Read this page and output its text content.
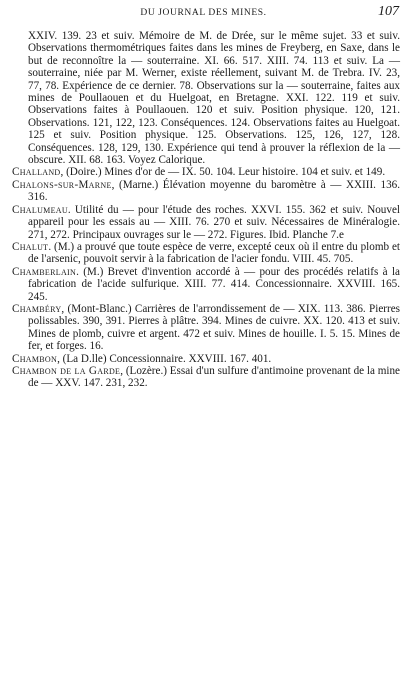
DU JOURNAL DES MINES.	107

XXIV. 139. 23 et suiv. Mémoire de M. de Drée, sur le même sujet. 33 et suiv. Observations thermométriques faites dans les mines de Freyberg, en Saxe, dans le but de reconnoître la — souterraine. XI. 66. 517. XIII. 74. 113 et suiv. La — souterraine, niée par M. Werner, existe réellement, suivant M. de Trebra. IV. 23, 77, 78. Expérience de ce dernier. 78. Observations sur la — souterraine, faites aux mines de Poullaouen et du Huelgoat, en Bretagne. XXI. 122. 119 et suiv. Observations faites à Poullaouen. 120 et suiv. Position physique. 120, 121. Observations. 121, 122, 123. Conséquences. 124. Observations faites au Huelgoat. 125 et suiv. Position physique. 125. Observations. 125, 126, 127, 128. Conséquences. 128, 129, 130. Expérience qui tend à prouver la réflexion de la — obscure. XII. 68. 163. Voyez Calorique.

Challand, (Doire.) Mines d'or de — IX. 50. 104. Leur histoire. 104 et suiv. et 149.

Chalons-sur-Marne, (Marne.) Élévation moyenne du baromètre à — XXIII. 136. 316.

Chalumeau. Utilité du — pour l'étude des roches. XXVI. 155. 362 et suiv. Nouvel appareil pour les essais au — XIII. 76. 270 et suiv. Nécessaires de Minéralogie. 271, 272. Principaux ouvrages sur le — 272. Figures. Ibid. Planche 7.e

Chalut. (M.) a prouvé que toute espèce de verre, excepté ceux où il entre du plomb et de l'arsenic, pouvoit servir à la fabrication de l'acier fondu. VIII. 45. 705.

Chamberlain. (M.) Brevet d'invention accordé à — pour des procédés relatifs à la fabrication de l'acide sulfurique. XIII. 77. 414. Concessionnaire. XXVIII. 165. 245.

Chambéry, (Mont-Blanc.) Carrières de l'arrondissement de — XIX. 113. 386. Pierres polissables. 390, 391. Pierres à plâtre. 394. Mines de cuivre. XX. 120. 413 et suiv. Mines de plomb, cuivre et argent. 472 et suiv. Mines de houille. I. 5. 15. Mines de fer, et forges. 16.

Chambon, (La D.lle) Concessionnaire. XXVIII. 167. 401.

Chambon de la Garde, (Lozère.) Essai d'un sulfure d'antimoine provenant de la mine de — XXV. 147. 231, 232.
